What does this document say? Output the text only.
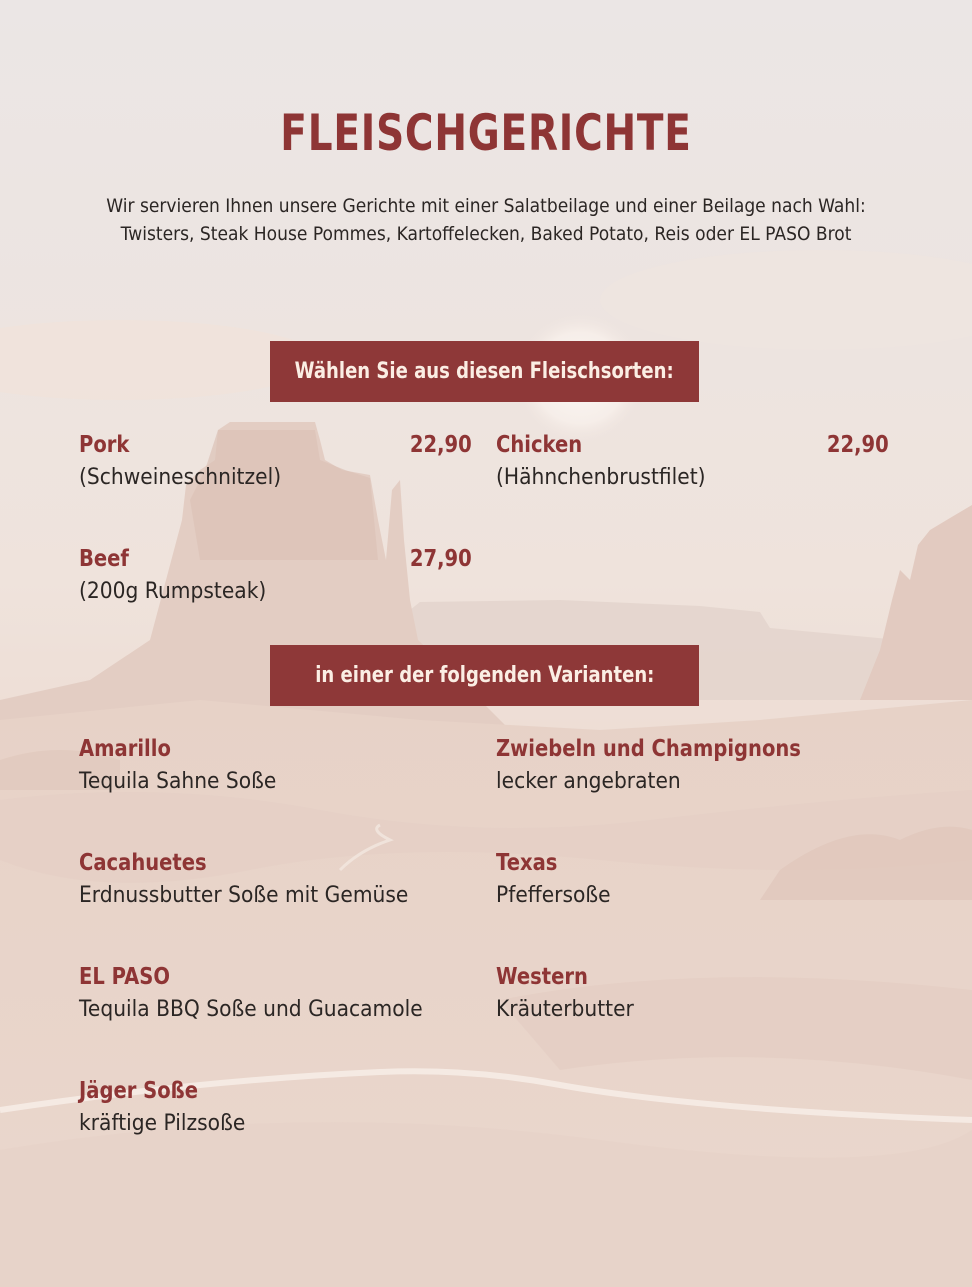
FLEISCHGERICHTE
Wir servieren Ihnen unsere Gerichte mit einer Salatbeilage und einer Beilage nach Wahl:
Twisters, Steak House Pommes, Kartoffelecken, Baked Potato, Reis oder EL PASO Brot
Wählen Sie aus diesen Fleischsorten:
Pork	22,90
(Schweineschnitzel)
Chicken	22,90
(Hähnchenbrustfilet)
Beef	27,90
(200g Rumpsteak)
in einer der folgenden Varianten:
Amarillo
Tequila Sahne Soße
Zwiebeln und Champignons
lecker angebraten
Cacahuetes
Erdnussbutter Soße mit Gemüse
Texas
Pfeffersoße
EL PASO
Tequila BBQ Soße und Guacamole
Western
Kräuterbutter
Jäger Soße
kräftige Pilzsoße
